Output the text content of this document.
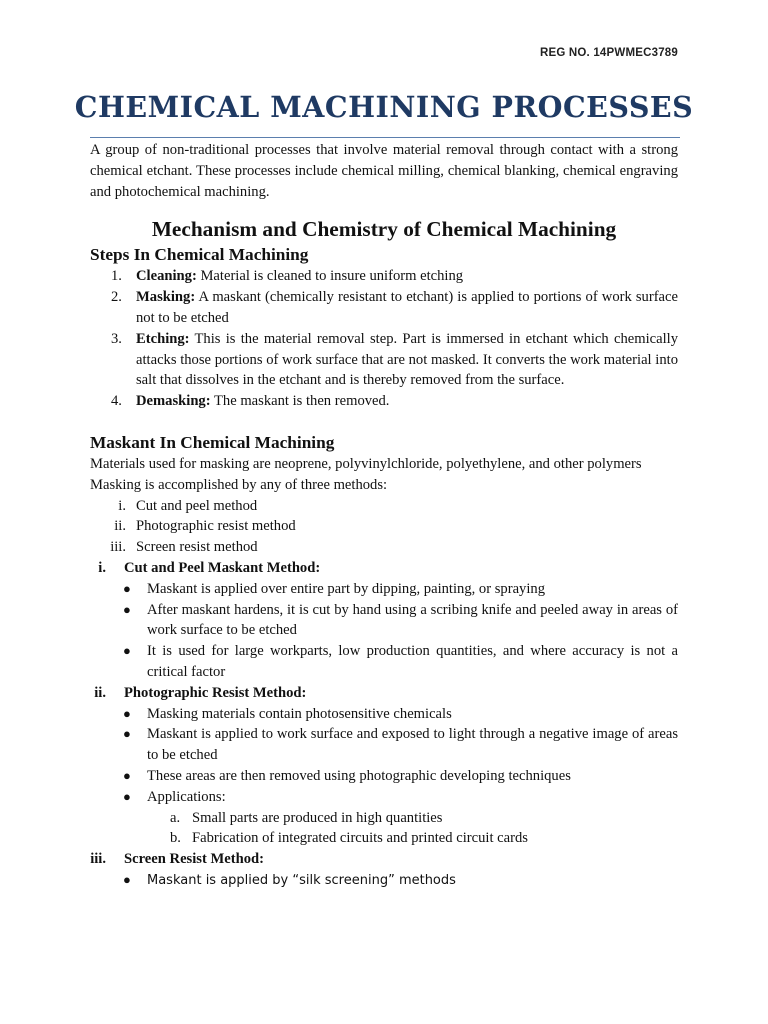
REG NO. 14PWMEC3789
CHEMICAL MACHINING PROCESSES

A group of non-traditional processes that involve material removal through contact with a strong chemical etchant. These processes include chemical milling, chemical blanking, chemical engraving and photochemical machining.

Mechanism and Chemistry of Chemical Machining
Steps In Chemical Machining
1. Cleaning: Material is cleaned to insure uniform etching
2. Masking: A maskant (chemically resistant to etchant) is applied to portions of work surface not to be etched
3. Etching: This is the material removal step. Part is immersed in etchant which chemically attacks those portions of work surface that are not masked. It converts the work material into salt that dissolves in the etchant and is thereby removed from the surface.
4. Demasking: The maskant is then removed.
Maskant In Chemical Machining

Materials used for masking are neoprene, polyvinylchloride, polyethylene, and other polymers

Masking is accomplished by any of three methods:

i. Cut and peel method
ii. Photographic resist method
iii. Screen resist method
i. Cut and Peel Maskant Method:
● Maskant is applied over entire part by dipping, painting, or spraying
● After maskant hardens, it is cut by hand using a scribing knife and peeled away in areas of work surface to be etched
● It is used for large workparts, low production quantities, and where accuracy is not a critical factor
ii. Photographic Resist Method:
● Masking materials contain photosensitive chemicals
● Maskant is applied to work surface and exposed to light through a negative image of areas to be etched
● These areas are then removed using photographic developing techniques
● Applications:
a. Small parts are produced in high quantities
b. Fabrication of integrated circuits and printed circuit cards
iii. Screen Resist Method:
● Maskant is applied by “silk screening” methods
